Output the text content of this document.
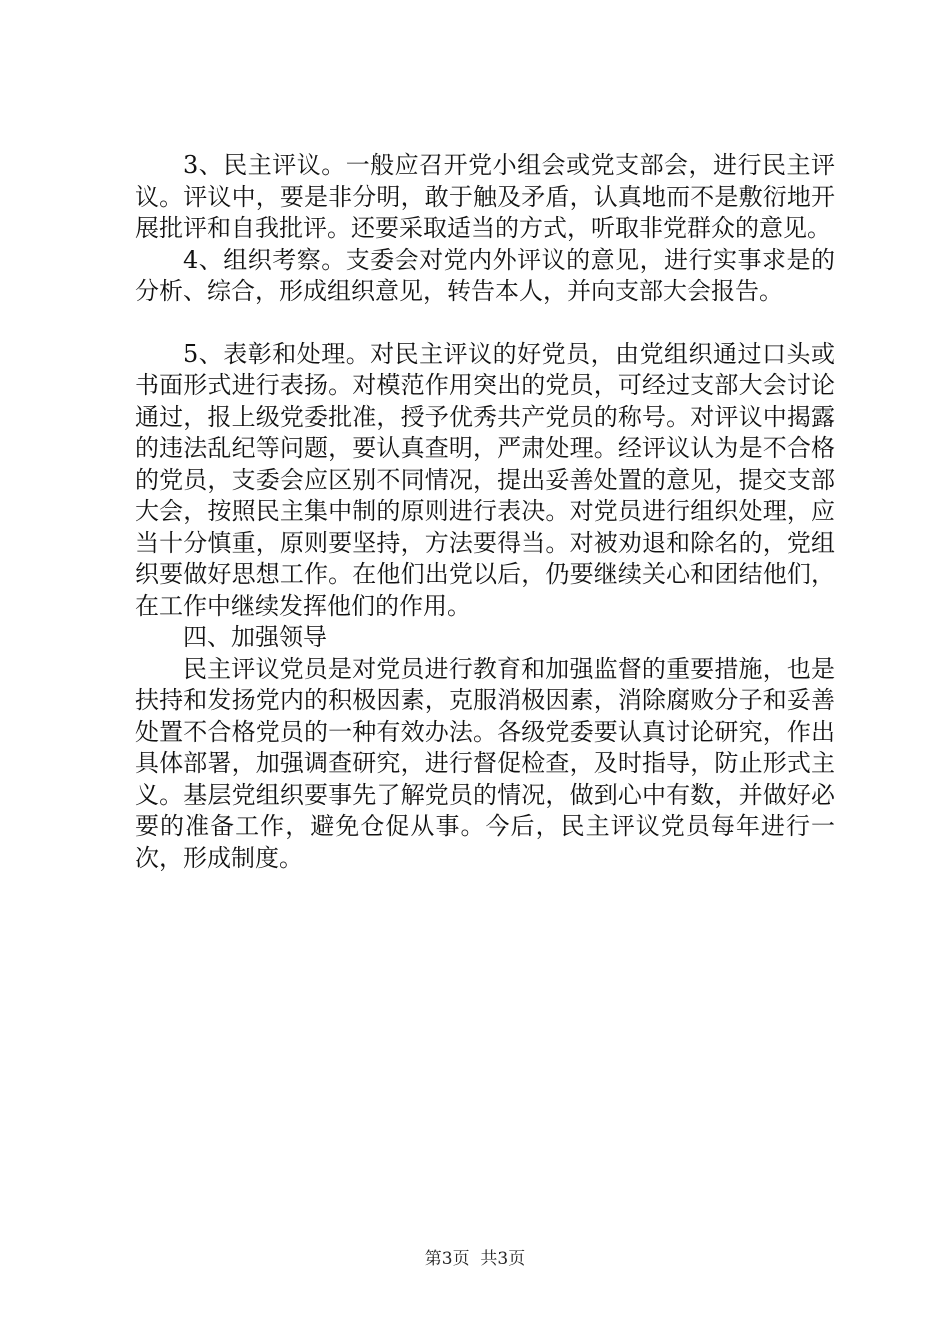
3、民主评议。一般应召开党小组会或党支部会，进行民主评议。评议中，要是非分明，敢于触及矛盾，认真地而不是敷衍地开展批评和自我批评。还要采取适当的方式，听取非党群众的意见。

4、组织考察。支委会对党内外评议的意见，进行实事求是的分析、综合，形成组织意见，转告本人，并向支部大会报告。

5、表彰和处理。对民主评议的好党员，由党组织通过口头或书面形式进行表扬。对模范作用突出的党员，可经过支部大会讨论通过，报上级党委批准，授予优秀共产党员的称号。对评议中揭露的违法乱纪等问题，要认真查明，严肃处理。经评议认为是不合格的党员，支委会应区别不同情况，提出妥善处置的意见，提交支部大会，按照民主集中制的原则进行表决。对党员进行组织处理，应当十分慎重，原则要坚持，方法要得当。对被劝退和除名的，党组织要做好思想工作。在他们出党以后，仍要继续关心和团结他们，在工作中继续发挥他们的作用。

四、加强领导

民主评议党员是对党员进行教育和加强监督的重要措施，也是扶持和发扬党内的积极因素，克服消极因素，消除腐败分子和妥善处置不合格党员的一种有效办法。各级党委要认真讨论研究，作出具体部署，加强调查研究，进行督促检查，及时指导，防止形式主义。基层党组织要事先了解党员的情况，做到心中有数，并做好必要的准备工作，避免仓促从事。今后，民主评议党员每年进行一次，形成制度。

第3页  共3页
